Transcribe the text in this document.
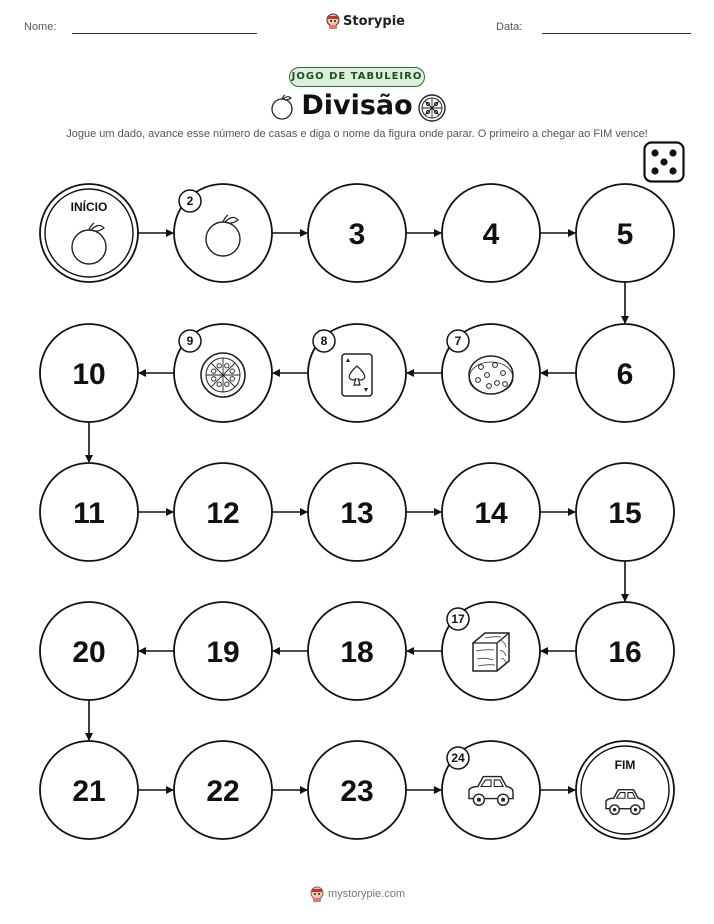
Nome:	Storypie	Data:
JOGO DE TABULEIRO
Divisão
Jogue um dado, avance esse número de casas e diga o nome da figura onde parar. O primeiro a chegar ao FIM vence!
INÍCIO	2
3	4	5
6
7
8
9
10
11	12	13	14	15
16
17
18
19
20
21	22	23
24	FIM
mystorypie.com
